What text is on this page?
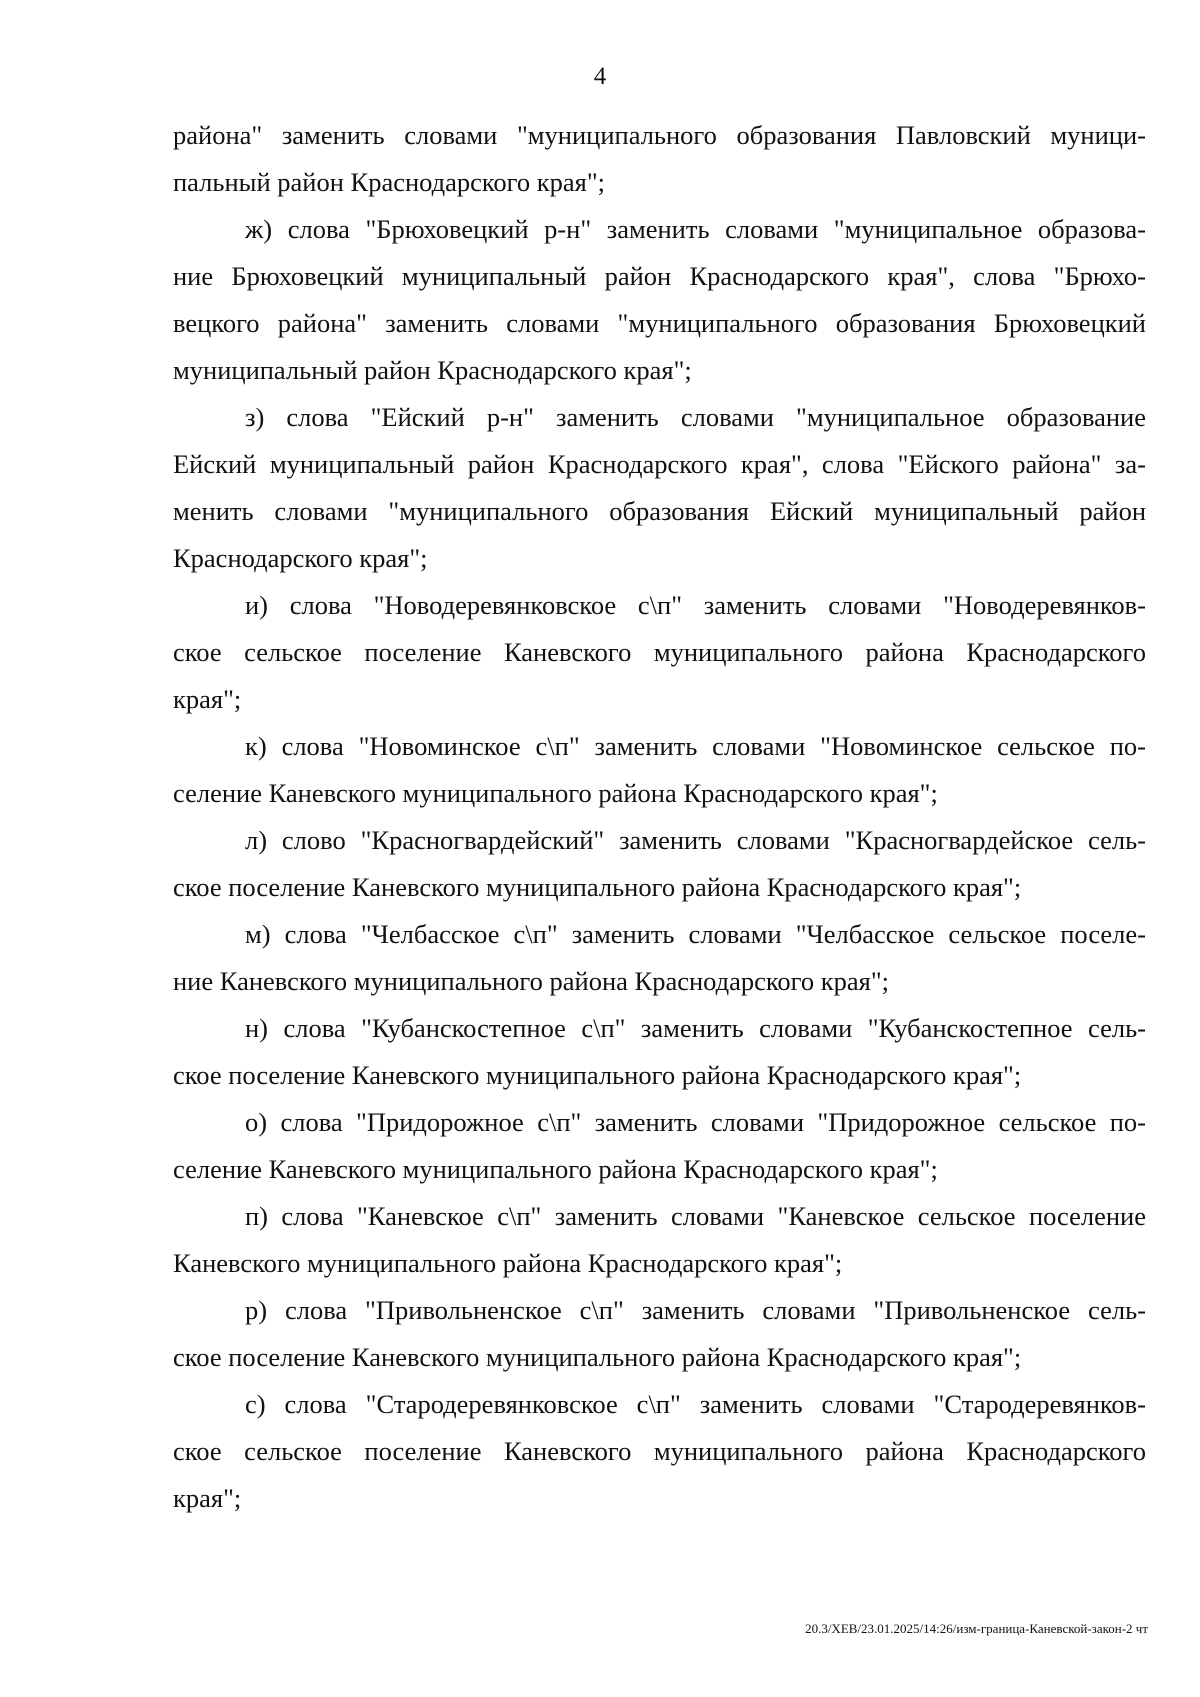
4
района" заменить словами "муниципального образования Павловский муници-
пальный район Краснодарского края";
ж) слова "Брюховецкий р-н" заменить словами "муниципальное образова-
ние Брюховецкий муниципальный район Краснодарского края", слова "Брюхо-
вецкого района" заменить словами "муниципального образования Брюховецкий
муниципальный район Краснодарского края";
з) слова "Ейский р-н" заменить словами "муниципальное образование
Ейский муниципальный район Краснодарского края", слова "Ейского района" за-
менить словами "муниципального образования Ейский муниципальный район
Краснодарского края";
и) слова "Новодеревянковское с\п" заменить словами "Новодеревянков-
ское сельское поселение Каневского муниципального района Краснодарского
края";
к) слова "Новоминское с\п" заменить словами "Новоминское сельское по-
селение Каневского муниципального района Краснодарского края";
л) слово "Красногвардейский" заменить словами "Красногвардейское сель-
ское поселение Каневского муниципального района Краснодарского края";
м) слова "Челбасское с\п" заменить словами "Челбасское сельское поселе-
ние Каневского муниципального района Краснодарского края";
н) слова "Кубанскостепное с\п" заменить словами "Кубанскостепное сель-
ское поселение Каневского муниципального района Краснодарского края";
о) слова "Придорожное с\п" заменить словами "Придорожное сельское по-
селение Каневского муниципального района Краснодарского края";
п) слова "Каневское с\п" заменить словами "Каневское сельское поселение
Каневского муниципального района Краснодарского края";
р) слова "Привольненское с\п" заменить словами "Привольненское сель-
ское поселение Каневского муниципального района Краснодарского края";
с) слова "Стародеревянковское с\п" заменить словами "Стародеревянков-
ское сельское поселение Каневского муниципального района Краснодарского
края";
20.3/ХЕВ/23.01.2025/14:26/изм-граница-Каневской-закон-2 чт
